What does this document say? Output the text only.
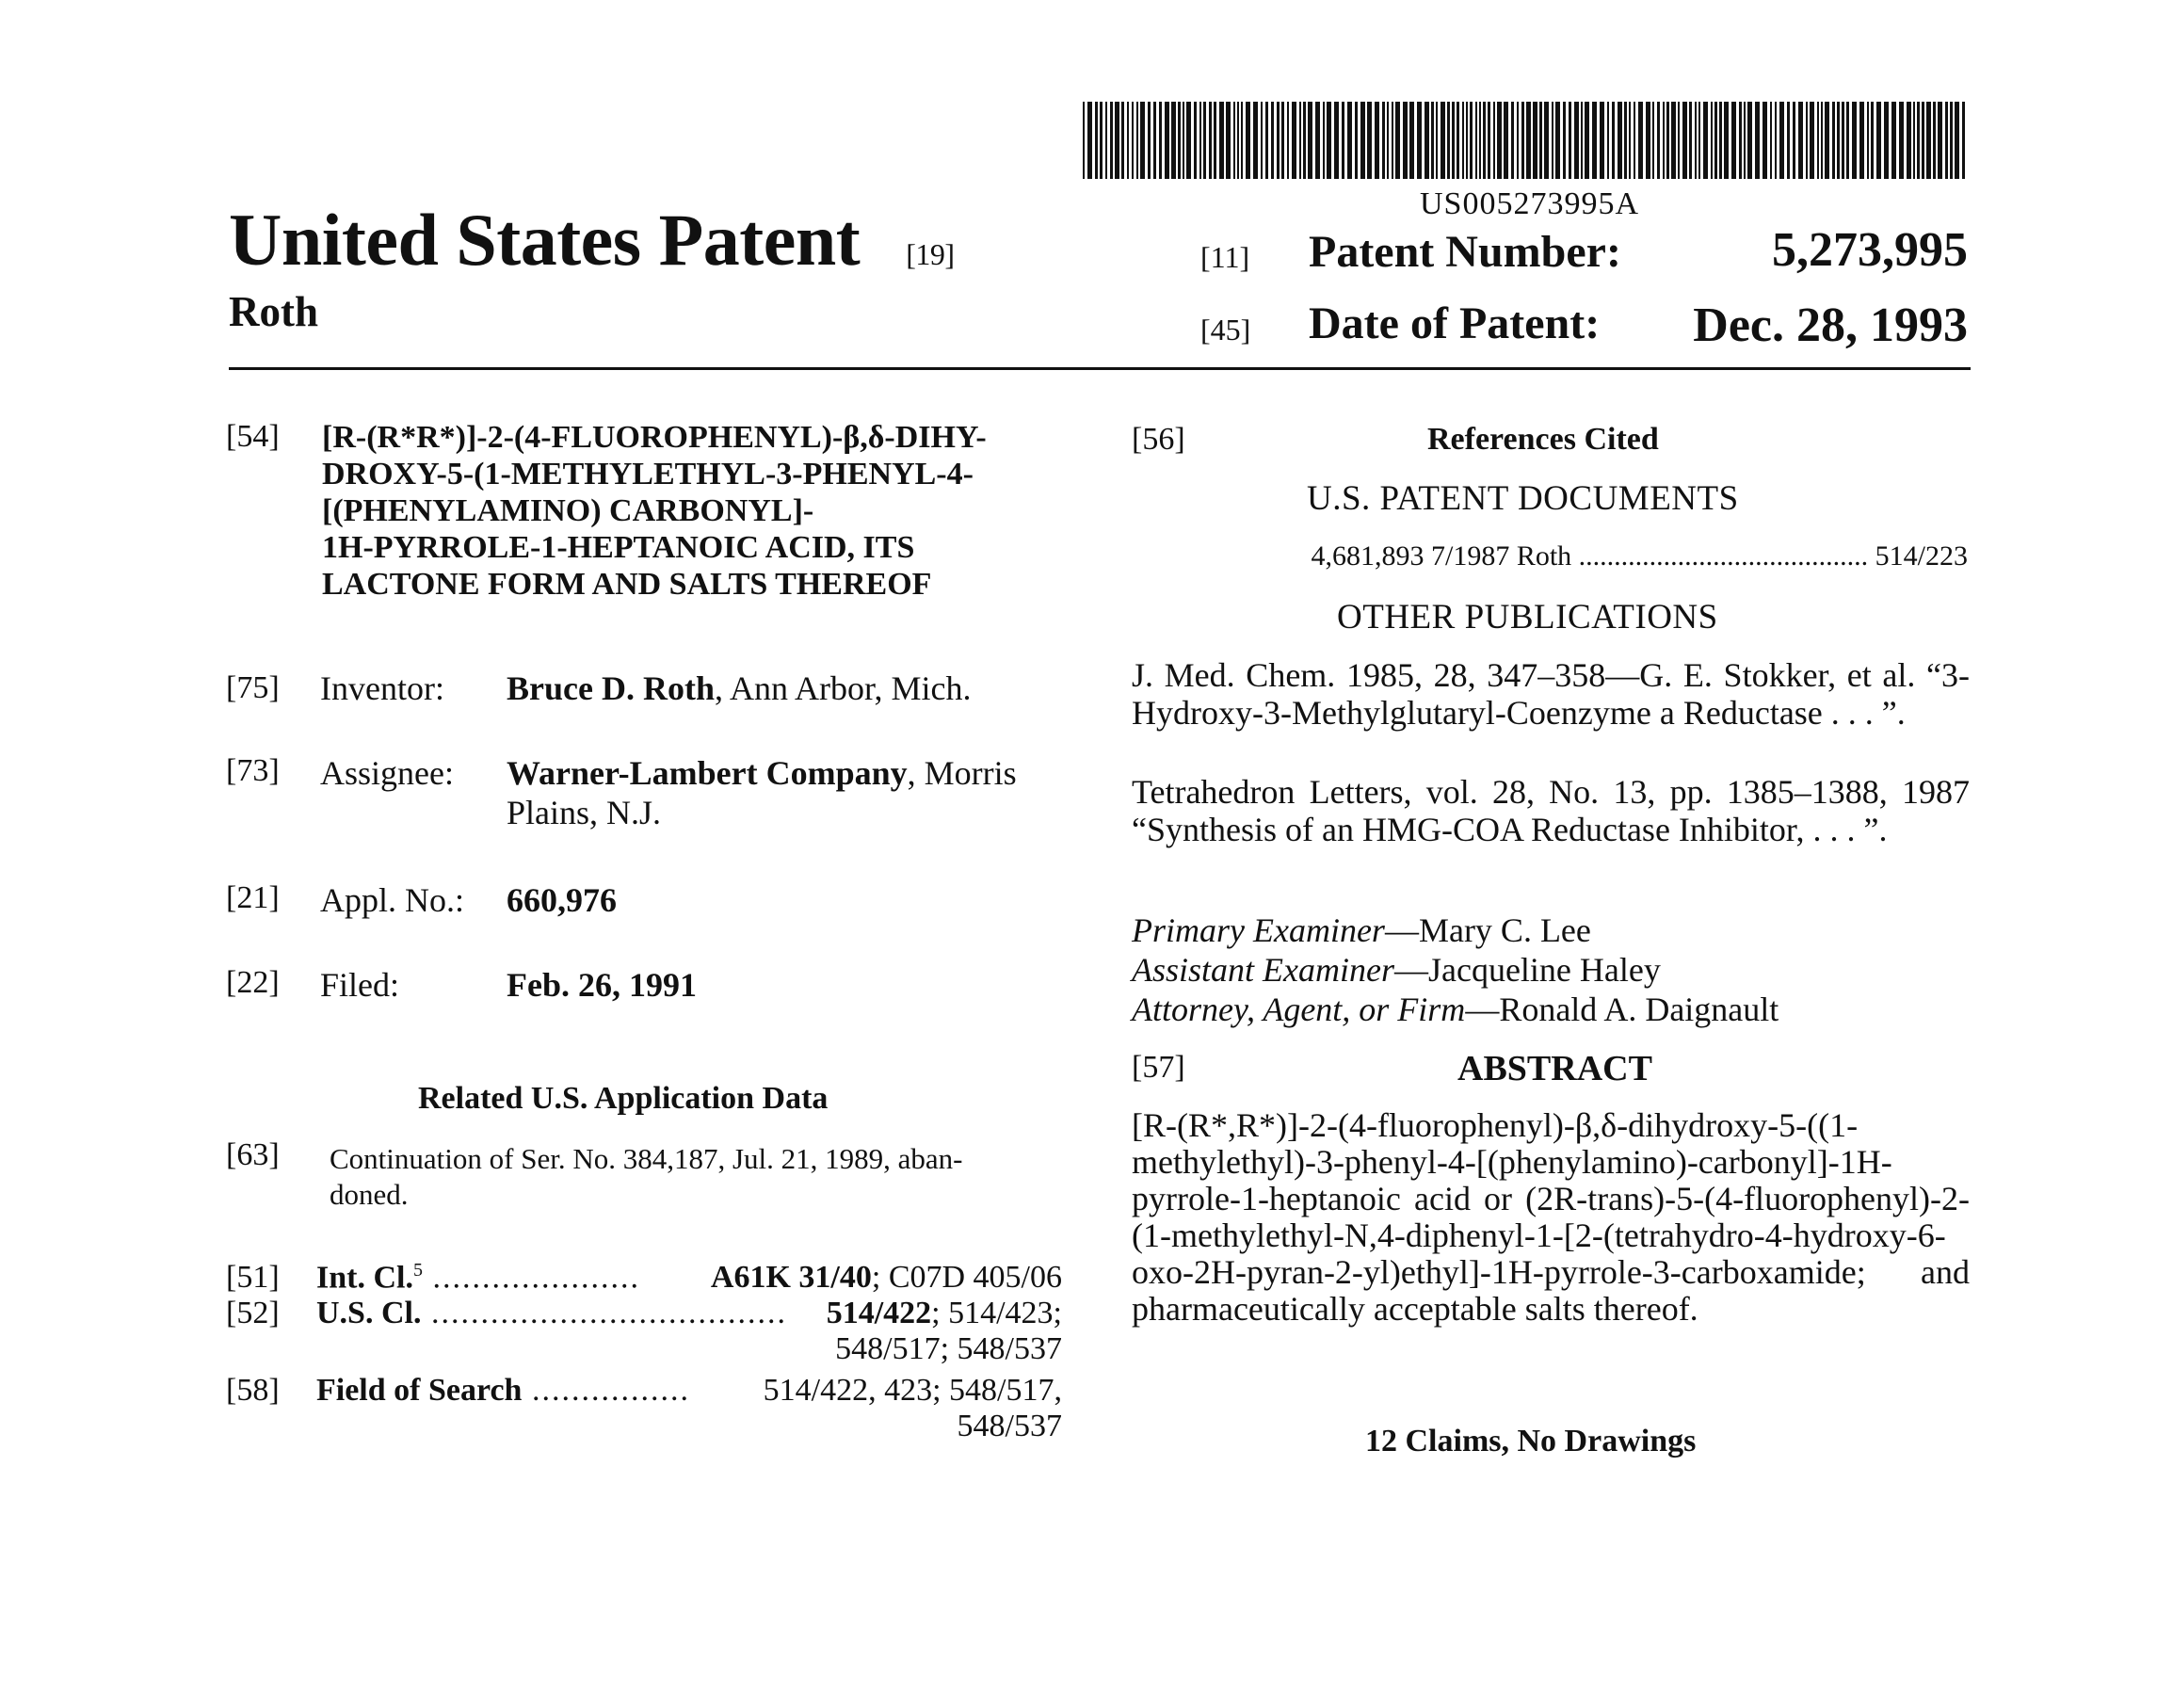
US005273995A
United States Patent [19]
Roth
[11] Patent Number:	5,273,995
[45] Date of Patent:	Dec. 28, 1993
[54] [R-(R*R*)]-2-(4-FLUOROPHENYL)-β,δ-DIHY-
DROXY-5-(1-METHYLETHYL-3-PHENYL-4-
[(PHENYLAMINO) CARBONYL]-
1H-PYRROLE-1-HEPTANOIC ACID, ITS
LACTONE FORM AND SALTS THEREOF
[75] Inventor: Bruce D. Roth, Ann Arbor, Mich.
[73] Assignee: Warner-Lambert Company, Morris
Plains, N.J.
[21] Appl. No.: 660,976
[22] Filed:	Feb. 26, 1991
Related U.S. Application Data
[63] Continuation of Ser. No. 384,187, Jul. 21, 1989, aban-
doned.
[51] Int. Cl.$^5$ ..................... A61K 31/40; C07D 405/06
[52] U.S. Cl. .................................... 514/422; 514/423;
548/517; 548/537
[58] Field of Search ................ 514/422, 423; 548/517,
548/537
[56]	References Cited
U.S. PATENT DOCUMENTS
4,681,893 7/1987 Roth ......................................... 514/223
OTHER PUBLICATIONS
J. Med. Chem. 1985, 28, 347–358—G. E. Stokker, et al. “3-Hydroxy-3-Methylglutaryl-Coenzyme a Reductase . . . ”.
Tetrahedron Letters, vol. 28, No. 13, pp. 1385–1388, 1987 “Synthesis of an HMG-COA Reductase Inhibitor, . . . ”.
Primary Examiner—Mary C. Lee
Assistant Examiner—Jacqueline Haley
Attorney, Agent, or Firm—Ronald A. Daignault
[57]	ABSTRACT
[R-(R*,R*)]-2-(4-fluorophenyl)-β,δ-dihydroxy-5-((1-methylethyl)-3-phenyl-4-[(phenylamino)-carbonyl]-1H-pyrrole-1-heptanoic acid or (2R-trans)-5-(4-fluorophenyl)-2-(1-methylethyl-N,4-diphenyl-1-[2-(tetrahydro-4-hydroxy-6-oxo-2H-pyran-2-yl)ethyl]-1H-pyrrole-3-carboxamide; and pharmaceutically acceptable salts thereof.
12 Claims, No Drawings
